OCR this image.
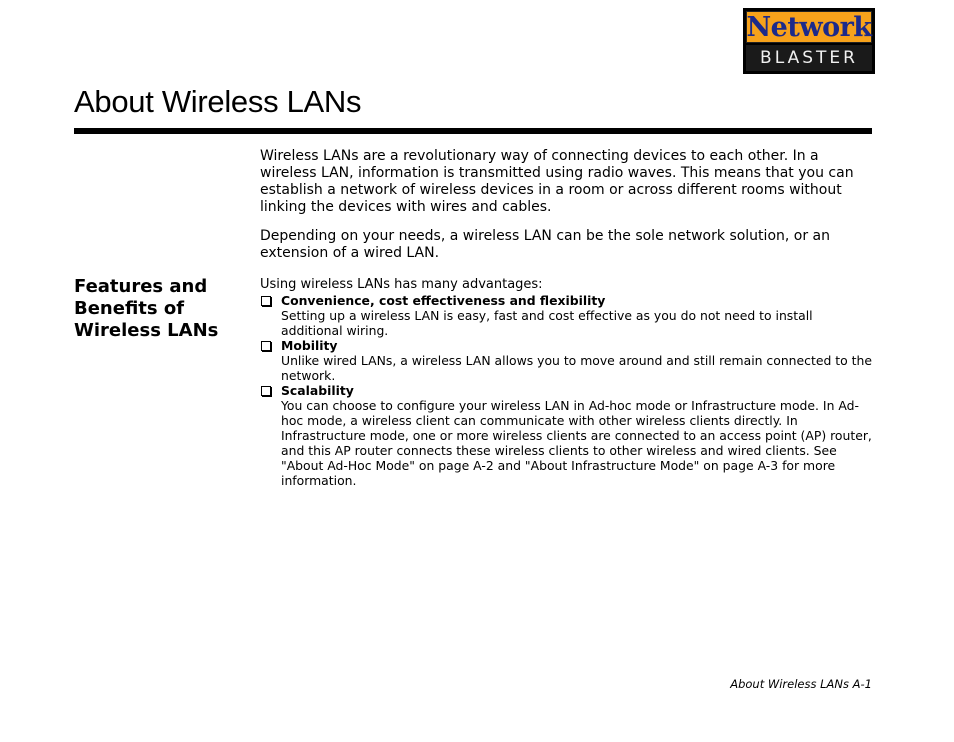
Network
BLASTER
About Wireless LANs

Wireless LANs are a revolutionary way of connecting devices to each other. In a wireless LAN, information is transmitted using radio waves. This means that you can establish a network of wireless devices in a room or across different rooms without linking the devices with wires and cables.

Depending on your needs, a wireless LAN can be the sole network solution, or an extension of a wired LAN.

Features and Benefits of Wireless LANs

Using wireless LANs has many advantages:

Convenience, cost effectiveness and flexibility
Setting up a wireless LAN is easy, fast and cost effective as you do not need to install additional wiring.
Mobility
Unlike wired LANs, a wireless LAN allows you to move around and still remain connected to the network.
Scalability
You can choose to configure your wireless LAN in Ad-hoc mode or Infrastructure mode. In Ad-hoc mode, a wireless client can communicate with other wireless clients directly. In Infrastructure mode, one or more wireless clients are connected to an access point (AP) router, and this AP router connects these wireless clients to other wireless and wired clients. See "About Ad-Hoc Mode" on page A-2 and "About Infrastructure Mode" on page A-3 for more information.
About Wireless LANs A-1
